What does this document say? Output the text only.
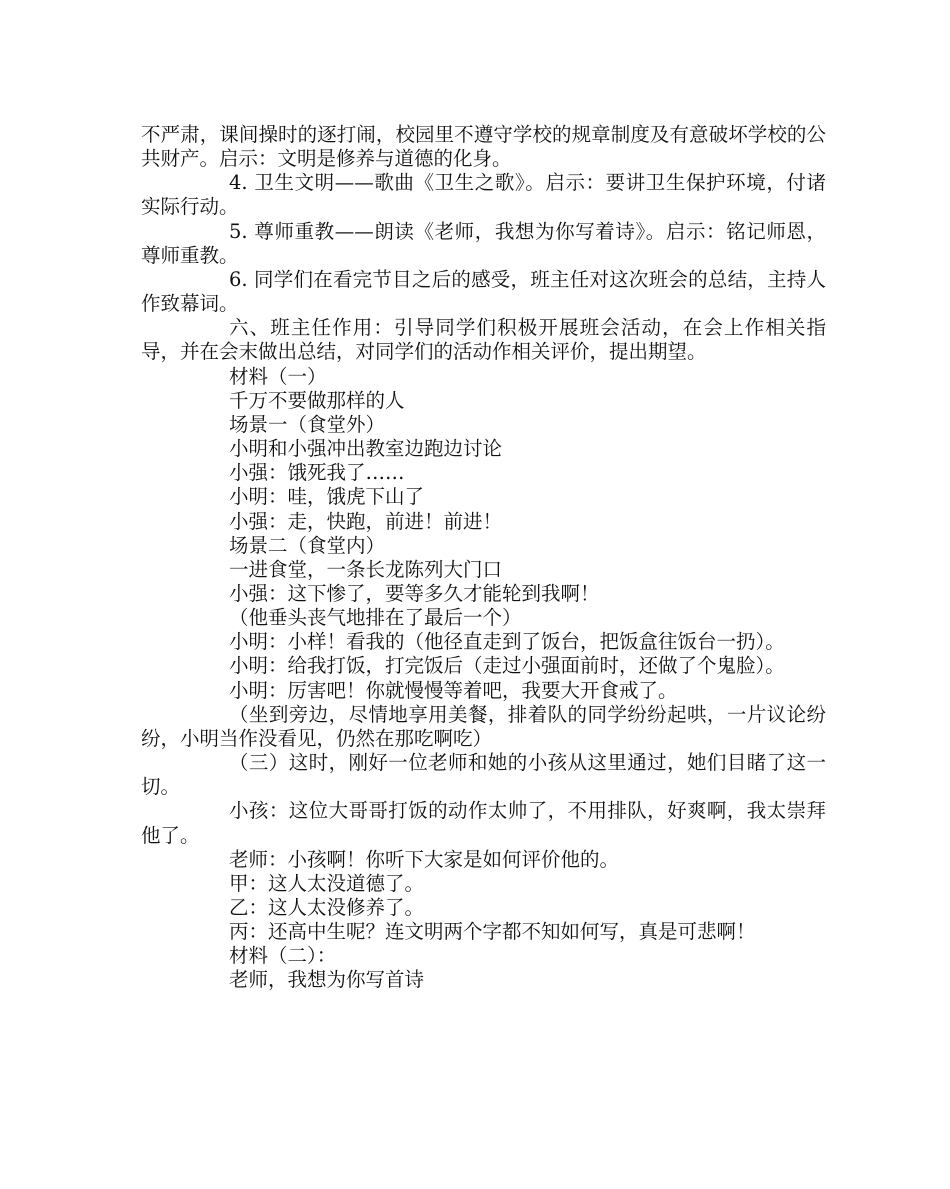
不严肃，课间操时的逐打闹，校园里不遵守学校的规章制度及有意破坏学校的公共财产。启示：文明是修养与道德的化身。

4. 卫生文明——歌曲《卫生之歌》。启示：要讲卫生保护环境，付诸实际行动。

5. 尊师重教——朗读《老师，我想为你写着诗》。启示：铭记师恩，尊师重教。

6. 同学们在看完节目之后的感受，班主任对这次班会的总结，主持人作致幕词。

六、班主任作用：引导同学们积极开展班会活动，在会上作相关指导，并在会末做出总结，对同学们的活动作相关评价，提出期望。

材料（一）

千万不要做那样的人

场景一（食堂外）

小明和小强冲出教室边跑边讨论

小强：饿死我了……

小明：哇，饿虎下山了

小强：走，快跑，前进！前进！

场景二（食堂内）

一进食堂，一条长龙陈列大门口

小强：这下惨了，要等多久才能轮到我啊！

（他垂头丧气地排在了最后一个）

小明：小样！看我的（他径直走到了饭台，把饭盒往饭台一扔）。

小明：给我打饭，打完饭后（走过小强面前时，还做了个鬼脸）。

小明：厉害吧！你就慢慢等着吧，我要大开食戒了。

（坐到旁边，尽情地享用美餐，排着队的同学纷纷起哄，一片议论纷纷，小明当作没看见，仍然在那吃啊吃）

（三）这时，刚好一位老师和她的小孩从这里通过，她们目睹了这一切。

小孩：这位大哥哥打饭的动作太帅了，不用排队，好爽啊，我太崇拜他了。

老师：小孩啊！你听下大家是如何评价他的。

甲：这人太没道德了。

乙：这人太没修养了。

丙：还高中生呢？连文明两个字都不知如何写，真是可悲啊！

材料（二）：

老师，我想为你写首诗
